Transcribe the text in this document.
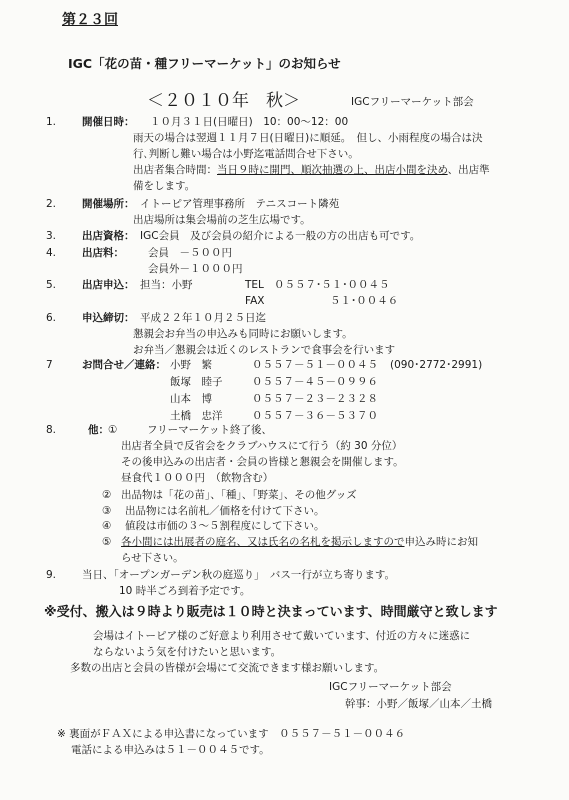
第２３回
IGC「花の苗・種フリーマーケット」のお知らせ
＜２０１０年　秋＞	IGCフリーマーケット部会
1. 開催日時： １０月３１日(日曜日)　10：00～12：00
雨天の場合は翌週１１月７日(日曜日)に順延。　但し、小雨程度の場合は決
行､判断し難い場合は小野迄電話問合せ下さい。
出店者集合時間：当日９時に開門、順次抽選の上、出店小間を決め、出店準
備をします。
2. 開催場所： イトーピア管理事務所　テニスコート隣苑
出店場所は集会場前の芝生広場です。
3. 出店資格： IGC会員　及び会員の紹介による一般の方の出店も可です。
4. 出店料： 会員　－５００円
会員外－１０００円
5. 出店申込： 担当：小野	TEL ０５５７･５１･００４５
FAX	５１･００４６
6. 申込締切： 平成２２年１０月２５日迄
懇親会お弁当の申込みも同時にお願いします。
お弁当／懇親会は近くのレストランで食事会を行います
7	お問合せ／連絡： 小野　繁	０５５７－５１－００４５ (090･2772･2991)
飯塚　睦子	０５５７－４５－０９９６
山本　博	０５５７－２３－２３２８
土橋　忠洋	０５５７－３６－５３７０
8.	他： ①	フリーマーケット終了後、
出店者全員で反省会をクラブハウスにて行う（約 30 分位）
その後申込みの出店者・会員の皆様と懇親会を開催します。
昼食代１０００円　（飲物含む）
② 出品物は「花の苗」、「種」、「野菜」、その他グッズ
③ 出品物には名前札／価格を付けて下さい。
④ 値段は市価の３～５割程度にして下さい。
⑤ 各小間には出展者の庭名、又は氏名の名札を掲示しますので申込み時にお知
らせ下さい。
9. 当日、「オープンガーデン秋の庭巡り」　バス一行が立ち寄ります。
10 時半ごろ到着予定です。
※受付、搬入は９時より販売は１０時と決まっています、時間厳守と致します
会場はイトーピア様のご好意より利用させて戴いています、付近の方々に迷惑に
ならないよう気を付けたいと思います。
多数の出店と会員の皆様が会場にて交流できます様お願いします。
IGCフリーマーケット部会
幹事：小野／飯塚／山本／土橋
※ 裏面がＦＡＸによる申込書になっています　０５５７－５１－００４６
電話による申込みは５１－００４５です。
